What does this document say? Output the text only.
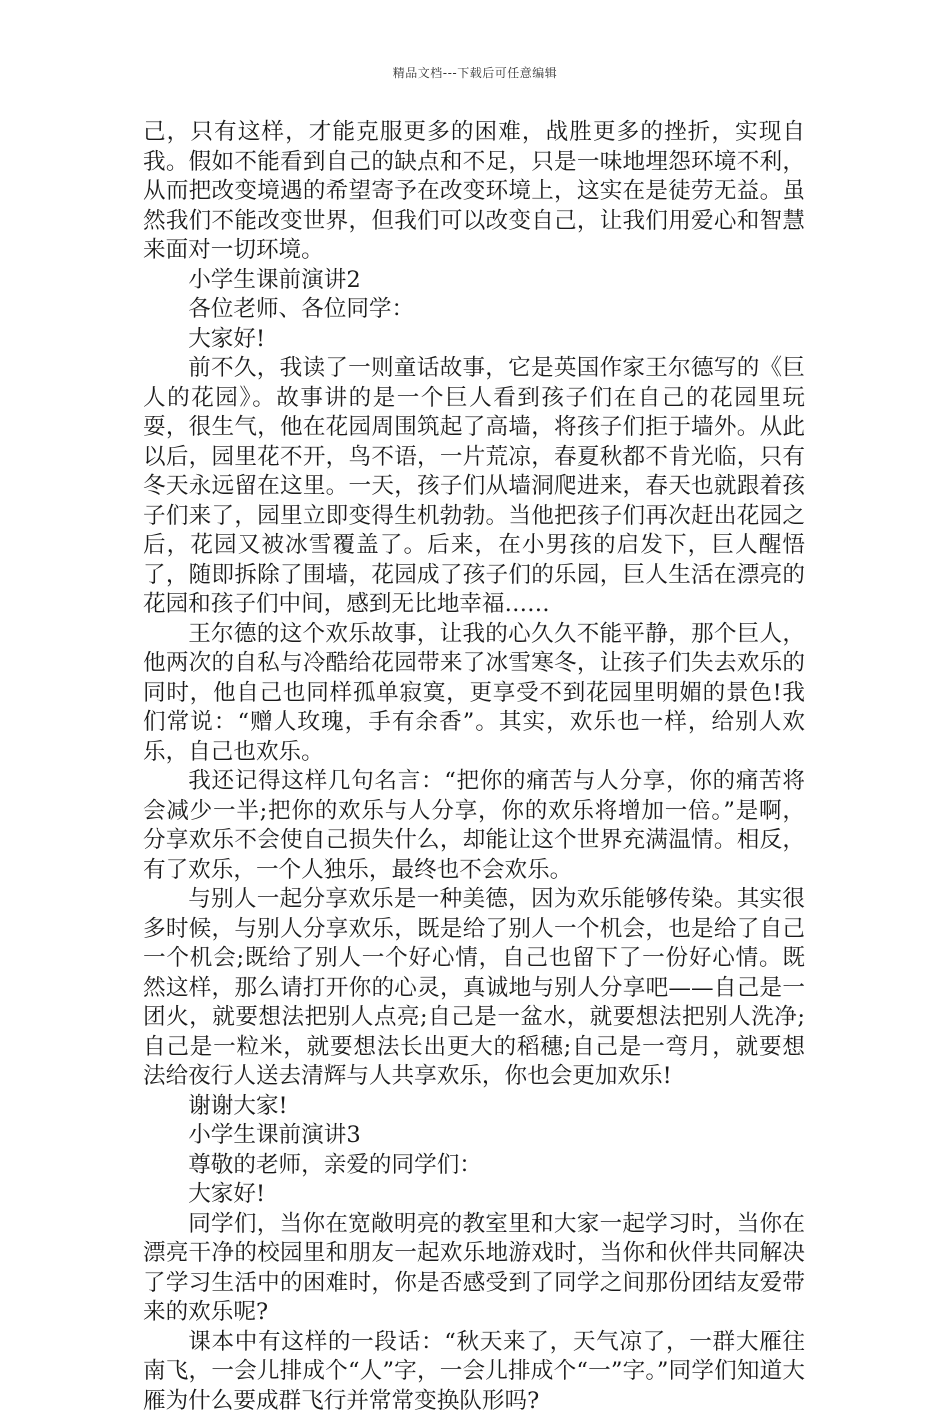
精品文档---下载后可任意编辑

己，只有这样，才能克服更多的困难，战胜更多的挫折，实现自我。假如不能看到自己的缺点和不足，只是一味地埋怨环境不利，从而把改变境遇的希望寄予在改变环境上，这实在是徒劳无益。虽然我们不能改变世界，但我们可以改变自己，让我们用爱心和智慧来面对一切环境。

小学生课前演讲2

各位老师、各位同学：

大家好!

前不久，我读了一则童话故事，它是英国作家王尔德写的《巨人的花园》。故事讲的是一个巨人看到孩子们在自己的花园里玩耍，很生气，他在花园周围筑起了高墙，将孩子们拒于墙外。从此以后，园里花不开，鸟不语，一片荒凉，春夏秋都不肯光临，只有冬天永远留在这里。一天，孩子们从墙洞爬进来，春天也就跟着孩子们来了，园里立即变得生机勃勃。当他把孩子们再次赶出花园之后，花园又被冰雪覆盖了。后来，在小男孩的启发下，巨人醒悟了，随即拆除了围墙，花园成了孩子们的乐园，巨人生活在漂亮的花园和孩子们中间，感到无比地幸福……

王尔德的这个欢乐故事，让我的心久久不能平静，那个巨人，他两次的自私与冷酷给花园带来了冰雪寒冬，让孩子们失去欢乐的同时，他自己也同样孤单寂寞，更享受不到花园里明媚的景色!我们常说：“赠人玫瑰，手有余香”。其实，欢乐也一样，给别人欢乐，自己也欢乐。

我还记得这样几句名言：“把你的痛苦与人分享，你的痛苦将会减少一半;把你的欢乐与人分享，你的欢乐将增加一倍。”是啊，分享欢乐不会使自己损失什么，却能让这个世界充满温情。相反，有了欢乐，一个人独乐，最终也不会欢乐。

与别人一起分享欢乐是一种美德，因为欢乐能够传染。其实很多时候，与别人分享欢乐，既是给了别人一个机会，也是给了自己一个机会;既给了别人一个好心情，自己也留下了一份好心情。既然这样，那么请打开你的心灵，真诚地与别人分享吧——自己是一团火，就要想法把别人点亮;自己是一盆水，就要想法把别人洗净;自己是一粒米，就要想法长出更大的稻穗;自己是一弯月，就要想法给夜行人送去清辉与人共享欢乐，你也会更加欢乐!

谢谢大家!

小学生课前演讲3

尊敬的老师，亲爱的同学们：

大家好!

同学们，当你在宽敞明亮的教室里和大家一起学习时，当你在漂亮干净的校园里和朋友一起欢乐地游戏时，当你和伙伴共同解决了学习生活中的困难时，你是否感受到了同学之间那份团结友爱带来的欢乐呢?

课本中有这样的一段话：“秋天来了，天气凉了，一群大雁往南飞，一会儿排成个“人”字，一会儿排成个“一”字。”同学们知道大雁为什么要成群飞行并常常变换队形吗?
